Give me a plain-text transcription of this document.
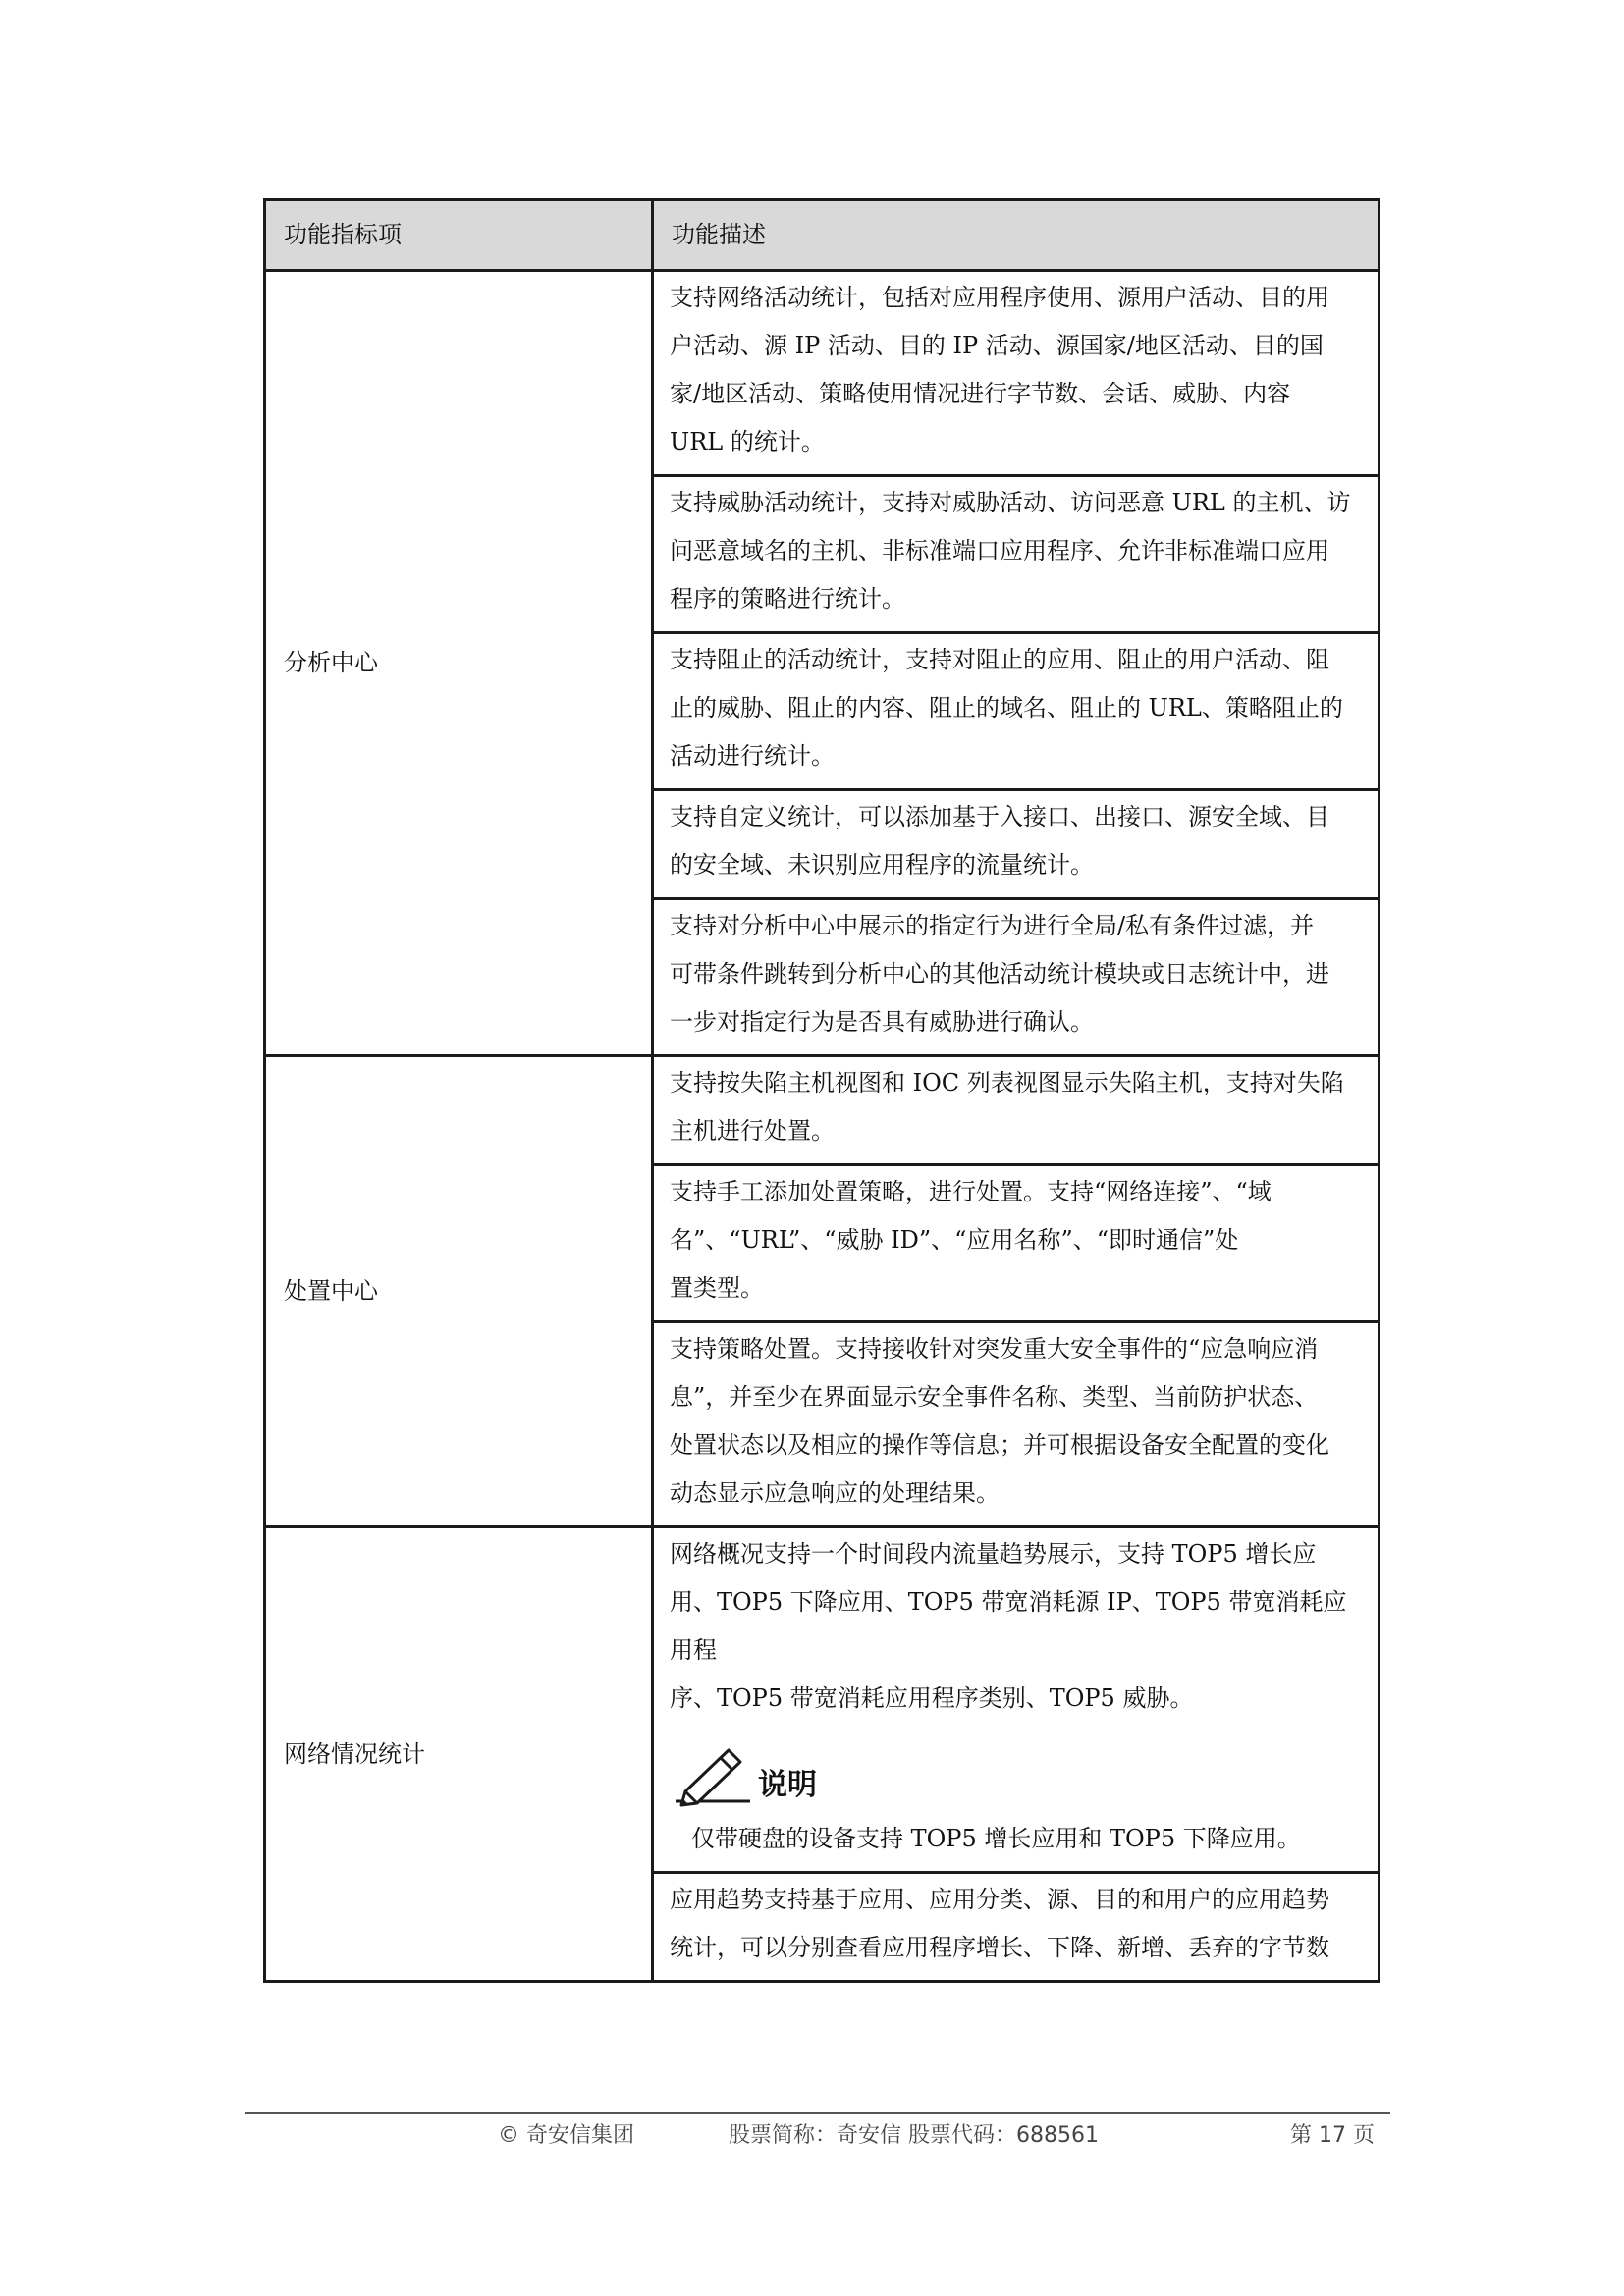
功能指标项	功能描述
分析中心	支持网络活动统计，包括对应用程序使用、源用户活动、目的用
户活动、源 IP 活动、目的 IP 活动、源国家/地区活动、目的国
家/地区活动、策略使用情况进行字节数、会话、威胁、内容
URL 的统计。

	支持威胁活动统计，支持对威胁活动、访问恶意 URL 的主机、访
问恶意域名的主机、非标准端口应用程序、允许非标准端口应用
程序的策略进行统计。

	支持阻止的活动统计，支持对阻止的应用、阻止的用户活动、阻
止的威胁、阻止的内容、阻止的域名、阻止的 URL、策略阻止的
活动进行统计。

	支持自定义统计，可以添加基于入接口、出接口、源安全域、目
的安全域、未识别应用程序的流量统计。

	支持对分析中心中展示的指定行为进行全局/私有条件过滤，并
可带条件跳转到分析中心的其他活动统计模块或日志统计中，进
一步对指定行为是否具有威胁进行确认。

处置中心	支持按失陷主机视图和 IOC 列表视图显示失陷主机，支持对失陷
主机进行处置。

	支持手工添加处置策略，进行处置。支持“网络连接”、“域
名”、“URL”、“威胁 ID”、“应用名称”、“即时通信”处
置类型。

	支持策略处置。支持接收针对突发重大安全事件的“应急响应消
息”，并至少在界面显示安全事件名称、类型、当前防护状态、
处置状态以及相应的操作等信息；并可根据设备安全配置的变化
动态显示应急响应的处理结果。

网络情况统计	网络概况支持一个时间段内流量趋势展示，支持 TOP5 增长应
用、TOP5 下降应用、TOP5 带宽消耗源 IP、TOP5 带宽消耗应用程
序、TOP5 带宽消耗应用程序类别、TOP5 威胁。
说明
仅带硬盘的设备支持 TOP5 增长应用和 TOP5 下降应用。

	应用趋势支持基于应用、应用分类、源、目的和用户的应用趋势
统计，可以分别查看应用程序增长、下降、新增、丢弃的字节数
© 奇安信集团	股票简称：奇安信 股票代码：688561	第 17 页
